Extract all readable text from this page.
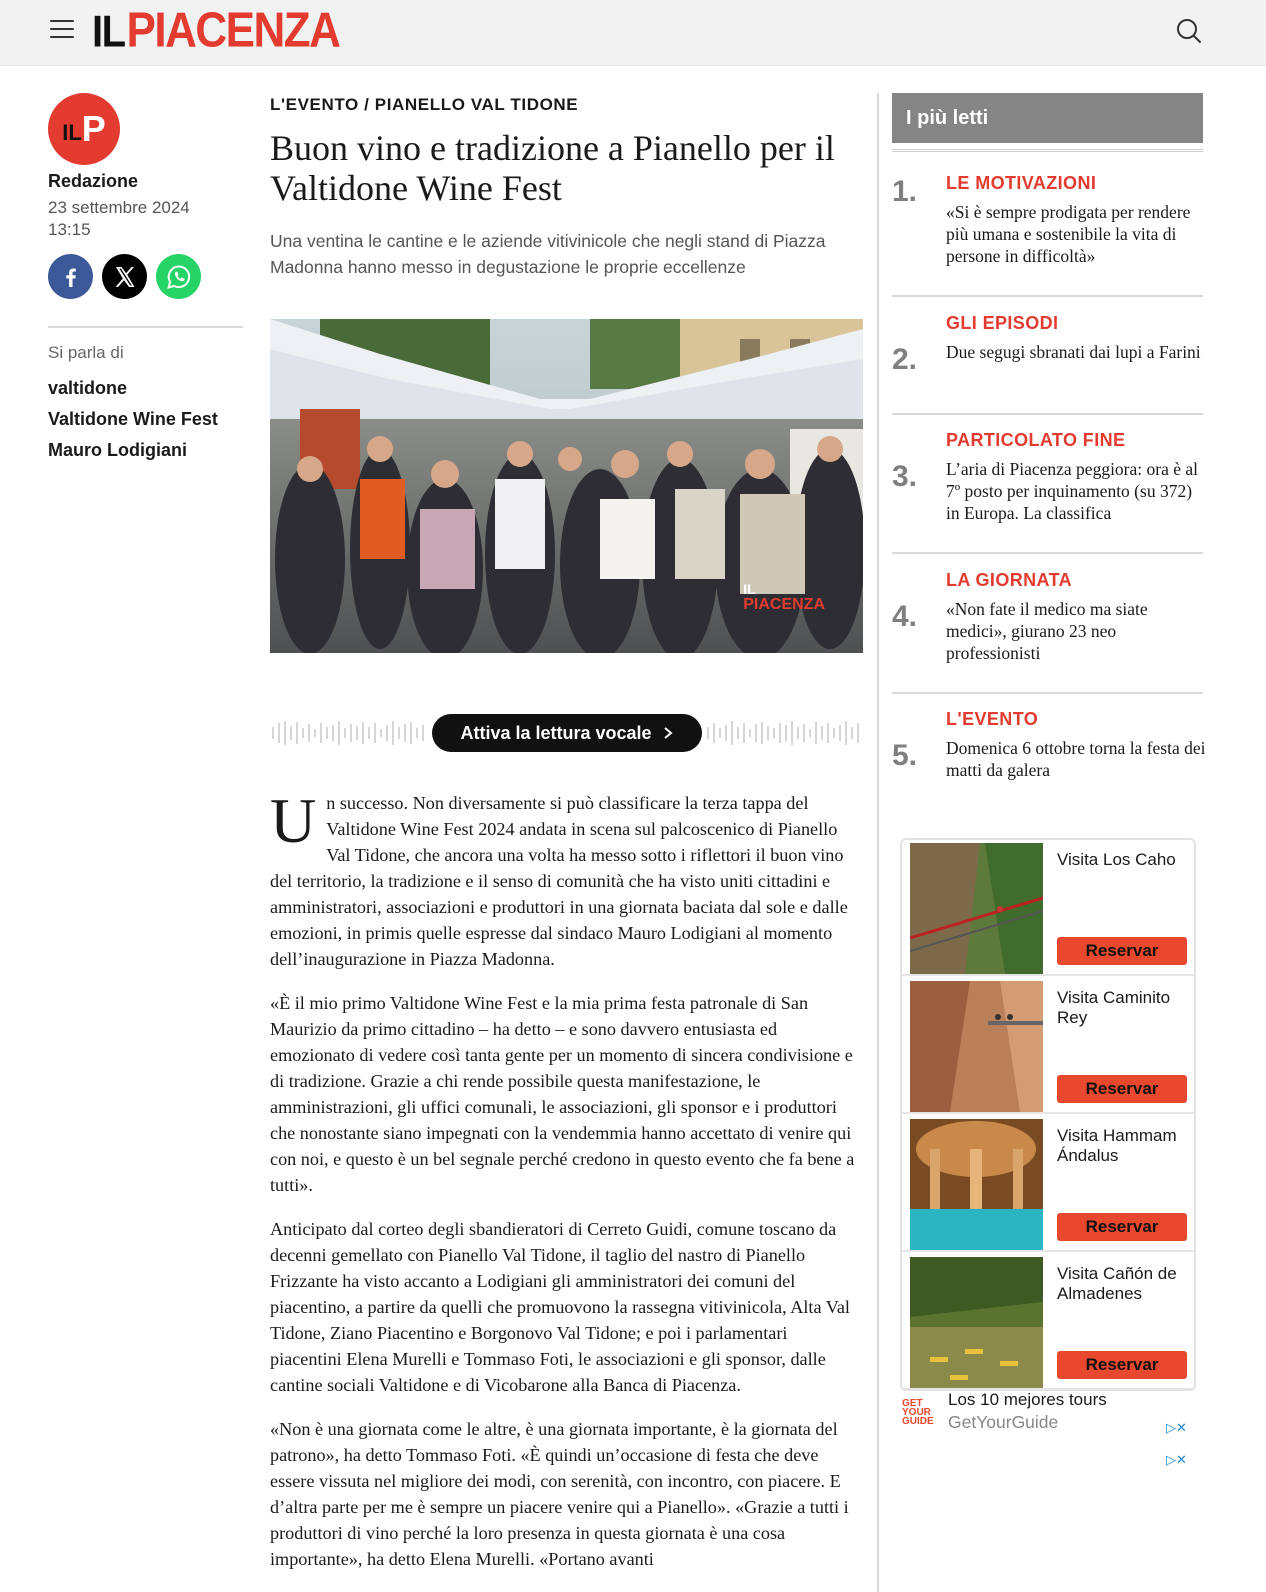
IL PIACENZA
IL P
Redazione
23 settembre 2024
13:15
Si parla di
valtidone
Valtidone Wine Fest
Mauro Lodigiani
L'EVENTO / PIANELLO VAL TIDONE
Buon vino e tradizione a Pianello per il Valtidone Wine Fest
Una ventina le cantine e le aziende vitivinicole che negli stand di Piazza Madonna hanno messo in degustazione le proprie eccellenze
IL
PIACENZA
Attiva la lettura vocale

Un successo. Non diversamente si può classificare la terza tappa del Valtidone Wine Fest 2024 andata in scena sul palcoscenico di Pianello Val Tidone, che ancora una volta ha messo sotto i riflettori il buon vino del territorio, la tradizione e il senso di comunità che ha visto uniti cittadini e amministratori, associazioni e produttori in una giornata baciata dal sole e dalle emozioni, in primis quelle espresse dal sindaco Mauro Lodigiani al momento dell’inaugurazione in Piazza Madonna.

«È il mio primo Valtidone Wine Fest e la mia prima festa patronale di San Maurizio da primo cittadino – ha detto – e sono davvero entusiasta ed emozionato di vedere così tanta gente per un momento di sincera condivisione e di tradizione. Grazie a chi rende possibile questa manifestazione, le amministrazioni, gli uffici comunali, le associazioni, gli sponsor e i produttori che nonostante siano impegnati con la vendemmia hanno accettato di venire qui con noi, e questo è un bel segnale perché credono in questo evento che fa bene a tutti».

Anticipato dal corteo degli sbandieratori di Cerreto Guidi, comune toscano da decenni gemellato con Pianello Val Tidone, il taglio del nastro di Pianello Frizzante ha visto accanto a Lodigiani gli amministratori dei comuni del piacentino, a partire da quelli che promuovono la rassegna vitivinicola, Alta Val Tidone, Ziano Piacentino e Borgonovo Val Tidone; e poi i parlamentari piacentini Elena Murelli e Tommaso Foti, le associazioni e gli sponsor, dalle cantine sociali Valtidone e di Vicobarone alla Banca di Piacenza.

«Non è una giornata come le altre, è una giornata importante, è la giornata del patrono», ha detto Tommaso Foti. «È quindi un’occasione di festa che deve essere vissuta nel migliore dei modi, con serenità, con incontro, con piacere. E d’altra parte per me è sempre un piacere venire qui a Pianello». «Grazie a tutti i produttori di vino perché la loro presenza in questa giornata è una cosa importante», ha detto Elena Murelli. «Portano avanti

I più letti
1. LE MOTIVAZIONI
«Si è sempre prodigata per rendere più umana e sostenibile la vita di persone in difficoltà»
2.
GLI EPISODI
Due segugi sbranati dai lupi a Farini
3.
PARTICOLATO FINE
L’aria di Piacenza peggiora: ora è al 7º posto per inquinamento (su 372) in Europa. La classifica
4.
LA GIORNATA
«Non fate il medico ma siate medici», giurano 23 neo professionisti
5.
L'EVENTO
Domenica 6 ottobre torna la festa dei matti da galera
Visita Los Caho
Reservar
Visita Caminito Rey
Reservar
Visita Hammam Ándalus
Reservar
Visita Cañón de Almadenes
Reservar
GET
YOUR
GUIDE
Los 10 mejores tours
GetYourGuide	▷✕
▷✕
